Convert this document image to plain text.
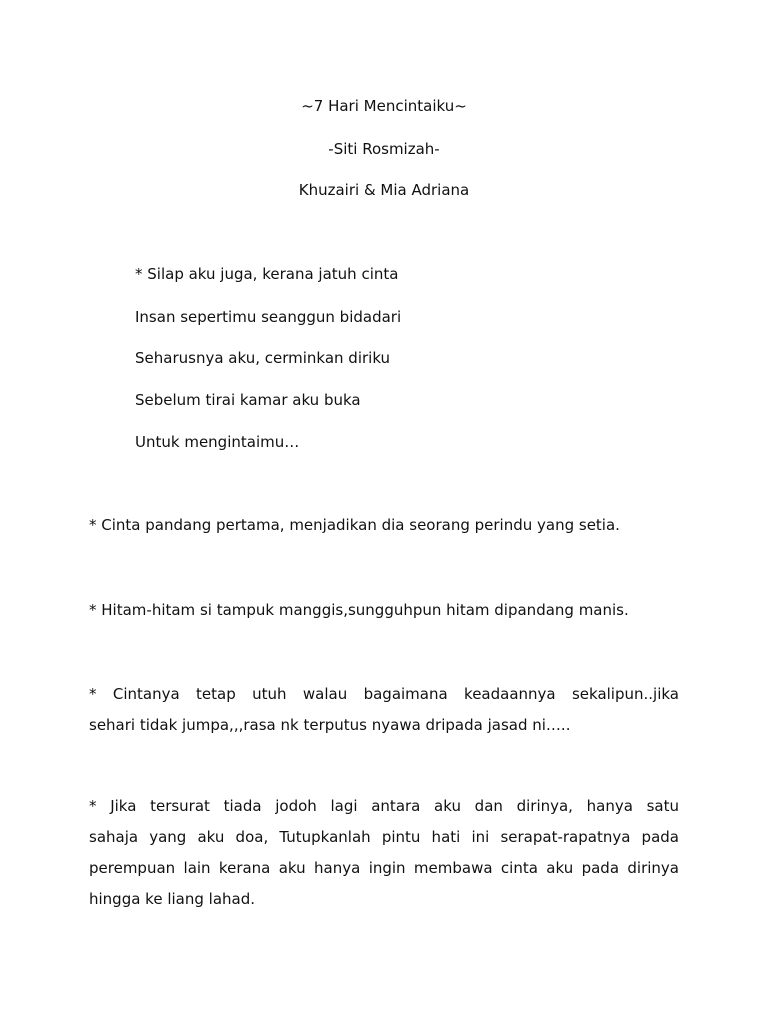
~7 Hari Mencintaiku~
-Siti Rosmizah-
Khuzairi & Mia Adriana
* Silap aku juga, kerana jatuh cinta
Insan sepertimu seanggun bidadari
Seharusnya aku, cerminkan diriku
Sebelum tirai kamar aku buka
Untuk mengintaimu…
* Cinta pandang pertama, menjadikan dia seorang perindu yang setia.
* Hitam-hitam si tampuk manggis,sungguhpun hitam dipandang manis.
* Cintanya tetap utuh walau bagaimana keadaannya sekalipun..jika
sehari tidak jumpa,,,rasa nk terputus nyawa dripada jasad ni…..
* Jika tersurat tiada jodoh lagi antara aku dan dirinya, hanya satu
sahaja yang aku doa, Tutupkanlah pintu hati ini serapat-rapatnya pada
perempuan lain kerana aku hanya ingin membawa cinta aku pada dirinya
hingga ke liang lahad.
